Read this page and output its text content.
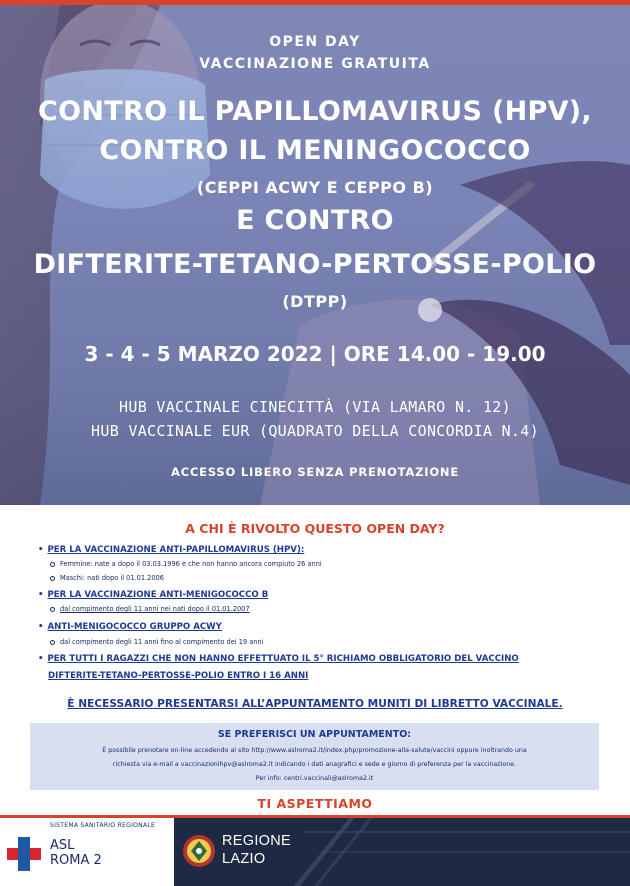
OPEN DAY
VACCINAZIONE GRATUITA
CONTRO IL PAPILLOMAVIRUS (HPV),
CONTRO IL MENINGOCOCCO
(CEPPI ACWY E CEPPO B)
E CONTRO
DIFTERITE-TETANO-PERTOSSE-POLIO
(DTPP)
3 - 4 - 5 MARZO 2022 | ORE 14.00 - 19.00
HUB VACCINALE CINECITTÀ (VIA LAMARO N. 12)
HUB VACCINALE EUR (QUADRATO DELLA CONCORDIA N.4)
ACCESSO LIBERO SENZA PRENOTAZIONE
A CHI È RIVOLTO QUESTO OPEN DAY?
• PER LA VACCINAZIONE ANTI-PAPILLOMAVIRUS (HPV):
Femmine: nate a dopo il 03.03.1996 e che non hanno ancora compiuto 26 anni
Maschi: nati dopo il 01.01.2006
• PER LA VACCINAZIONE ANTI-MENIGOCOCCO B
dal compimento degli 11 anni nei nati dopo il 01.01.2007
• ANTI-MENIGOCOCCO GRUPPO ACWY
dal compimento degli 11 anni fino al compimento dei 19 anni
• PER TUTTI I RAGAZZI CHE NON HANNO EFFETTUATO IL 5° RICHIAMO OBBLIGATORIO DEL VACCINO
DIFTERITE-TETANO-PERTOSSE-POLIO ENTRO I 16 ANNI
È NECESSARIO PRESENTARSI ALL’APPUNTAMENTO MUNITI DI LIBRETTO VACCINALE.
SE PREFERISCI UN APPUNTAMENTO:
È possibile prenotare on-line accedendo al sito http://www.aslroma2.it/index.php/promozione-alla-salute/vaccini oppure inoltrando una
richiesta via e-mail a vaccinazionihpv@aslroma2.it indicando i dati anagrafici e sede e giorno di preferenza per la vaccinazione.
Per info: centri.vaccinali@aslroma2.it
TI ASPETTIAMO
SISTEMA SANITARIO REGIONALE
ASL
ROMA 2
REGIONE
LAZIO
